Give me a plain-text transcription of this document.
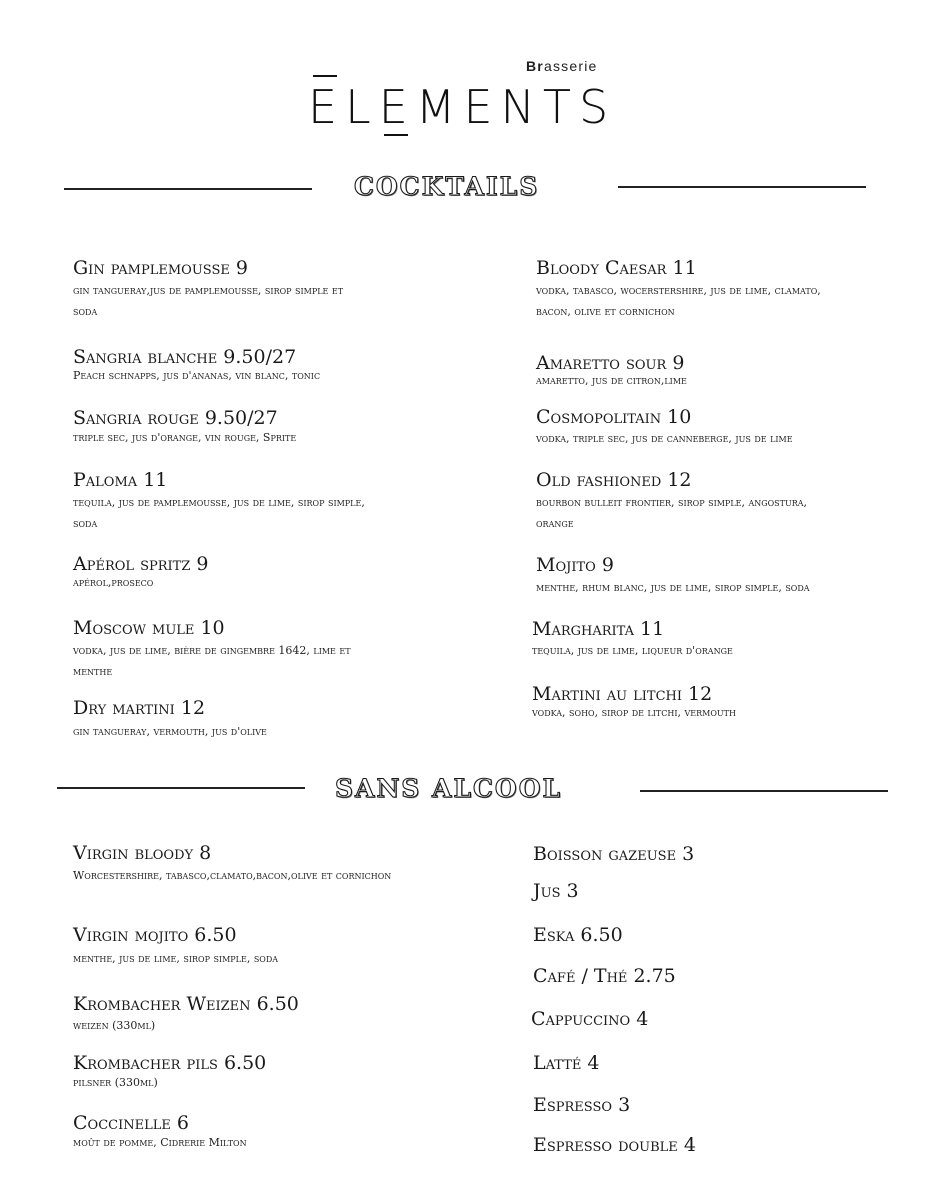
Brasserie
ELEMENTS
COCKTAILS
Gin pamplemousse 9
gin tangueray,jus de pamplemousse, sirop simple et soda
Sangria blanche 9.50/27
Peach schnapps, jus d'ananas, vin blanc, tonic
Sangria rouge 9.50/27
triple sec, jus d'orange, vin rouge, Sprite
Paloma 11
tequila, jus de pamplemousse, jus de lime, sirop simple, soda
Apérol spritz 9
apérol,proseco
Moscow mule 10
vodka, jus de lime, bière de gingembre 1642, lime et menthe
Dry martini 12
gin tangueray, vermouth, jus d'olive
Bloody Caesar 11
vodka, tabasco, wocerstershire, jus de lime, clamato, bacon, olive et cornichon
Amaretto sour 9
amaretto, jus de citron,lime
Cosmopolitain 10
vodka, triple sec, jus de canneberge, jus de lime
Old fashioned 12
bourbon bulleit frontier, sirop simple, angostura, orange
Mojito 9
menthe, rhum blanc, jus de lime, sirop simple, soda
Margharita 11
tequila, jus de lime, liqueur d'orange
Martini au litchi 12
vodka, soho, sirop de litchi, vermouth
SANS ALCOOL
Virgin bloody 8
Worcestershire, tabasco,clamato,bacon,olive et cornichon
Virgin mojito 6.50
menthe, jus de lime, sirop simple, soda
Krombacher Weizen 6.50
weizen (330ml)
Krombacher pils 6.50
pilsner (330ml)
Coccinelle 6
moût de pomme, Cidrerie Milton
Boisson gazeuse 3
Jus 3
Eska 6.50
Café / Thé 2.75
Cappuccino 4
Latté 4
Espresso 3
Espresso double 4
